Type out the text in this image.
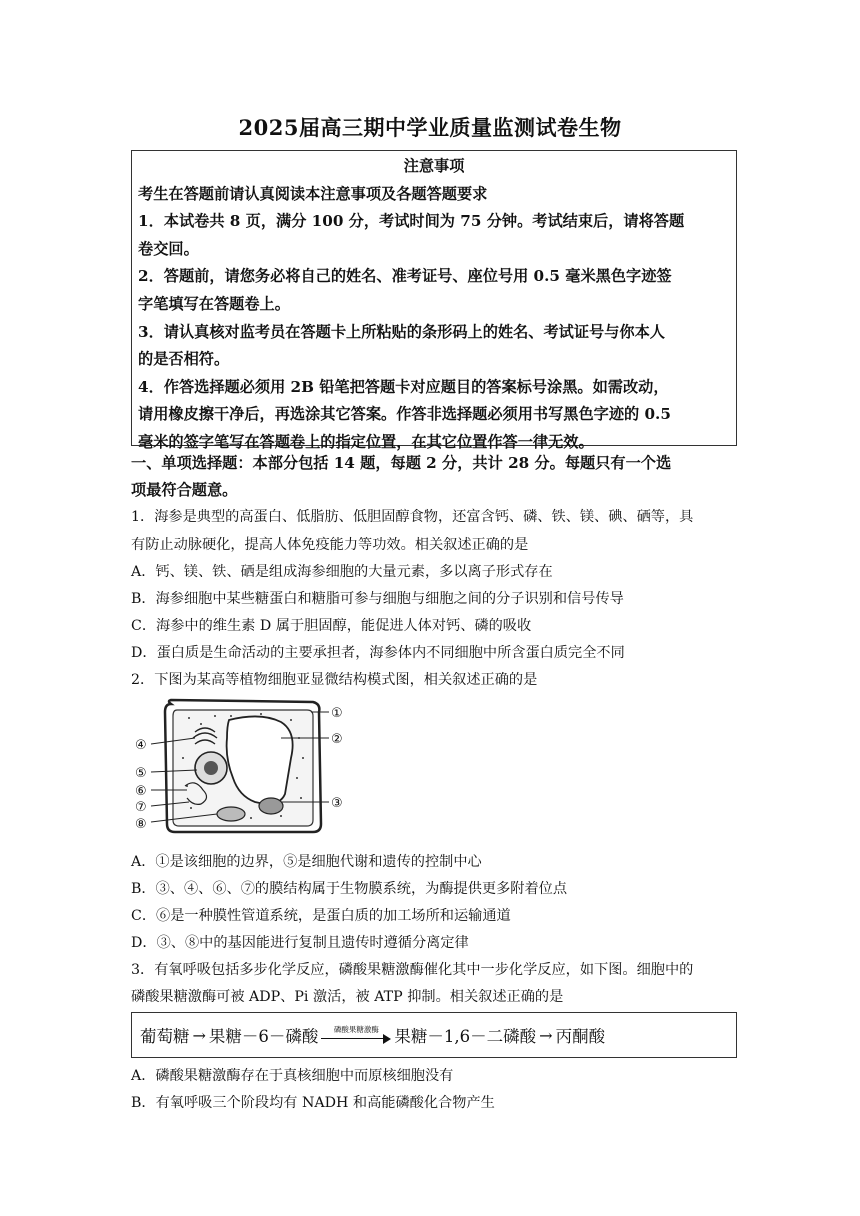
2025届高三期中学业质量监测试卷生物
注意事项
考生在答题前请认真阅读本注意事项及各题答题要求
1．本试卷共 8 页，满分 100 分，考试时间为 75 分钟。考试结束后，请将答题
卷交回。
2．答题前，请您务必将自己的姓名、准考证号、座位号用 0.5 毫米黑色字迹签
字笔填写在答题卷上。
3．请认真核对监考员在答题卡上所粘贴的条形码上的姓名、考试证号与你本人
的是否相符。
4．作答选择题必须用 2B 铅笔把答题卡对应题目的答案标号涂黑。如需改动，
请用橡皮擦干净后，再选涂其它答案。作答非选择题必须用书写黑色字迹的 0.5
毫米的签字笔写在答题卷上的指定位置，在其它位置作答一律无效。
一、单项选择题：本部分包括 14 题，每题 2 分，共计 28 分。每题只有一个选
项最符合题意。
1．海参是典型的高蛋白、低脂肪、低胆固醇食物，还富含钙、磷、铁、镁、碘、硒等，具
有防止动脉硬化，提高人体免疫能力等功效。相关叙述正确的是
A．钙、镁、铁、硒是组成海参细胞的大量元素，多以离子形式存在
B．海参细胞中某些糖蛋白和糖脂可参与细胞与细胞之间的分子识别和信号传导
C．海参中的维生素 D 属于胆固醇，能促进人体对钙、磷的吸收
D．蛋白质是生命活动的主要承担者，海参体内不同细胞中所含蛋白质完全不同
2．下图为某高等植物细胞亚显微结构模式图，相关叙述正确的是
④
⑤
⑥
⑦
⑧
①
②
③
A．①是该细胞的边界，⑤是细胞代谢和遗传的控制中心
B．③、④、⑥、⑦的膜结构属于生物膜系统，为酶提供更多附着位点
C．⑥是一种膜性管道系统，是蛋白质的加工场所和运输通道
D．③、⑧中的基因能进行复制且遗传时遵循分离定律
3．有氧呼吸包括多步化学反应，磷酸果糖激酶催化其中一步化学反应，如下图。细胞中的
磷酸果糖激酶可被 ADP、Pi 激活，被 ATP 抑制。相关叙述正确的是
葡萄糖 → 果糖－6－磷酸 磷酸果糖激酶 果糖－1,6－二磷酸 → 丙酮酸
A．磷酸果糖激酶存在于真核细胞中而原核细胞没有
B．有氧呼吸三个阶段均有 NADH 和高能磷酸化合物产生
